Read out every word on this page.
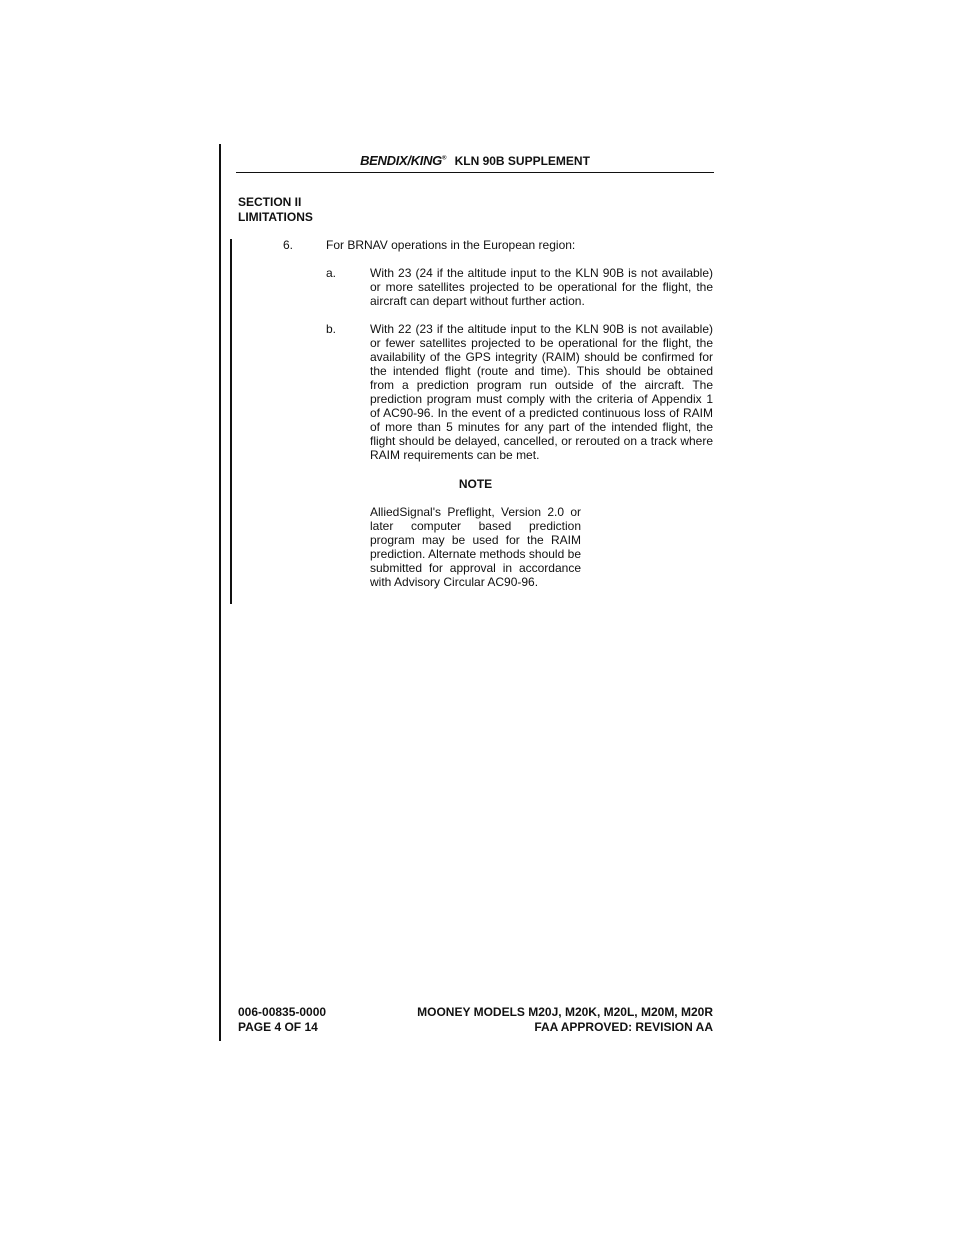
BENDIX/KING® KLN 90B SUPPLEMENT
SECTION II
LIMITATIONS
6.	For BRNAV operations in the European region:
a.	With 23 (24 if the altitude input to the KLN 90B is not available) or more satellites projected to be operational for the flight, the aircraft can depart without further action.
b.	With 22 (23 if the altitude input to the KLN 90B is not available) or fewer satellites projected to be operational for the flight, the availability of the GPS integrity (RAIM) should be confirmed for the intended flight (route and time). This should be obtained from a prediction program run outside of the aircraft. The prediction program must comply with the criteria of Appendix 1 of AC90-96. In the event of a predicted continuous loss of RAIM of more than 5 minutes for any part of the intended flight, the flight should be delayed, cancelled, or rerouted on a track where RAIM requirements can be met.
NOTE
AlliedSignal's Preflight, Version 2.0 or later computer based prediction program may be used for the RAIM prediction. Alternate methods should be submitted for approval in accordance with Advisory Circular AC90-96.
006-00835-0000
PAGE 4 OF 14
MOONEY MODELS M20J, M20K, M20L, M20M, M20R
FAA APPROVED: REVISION AA
